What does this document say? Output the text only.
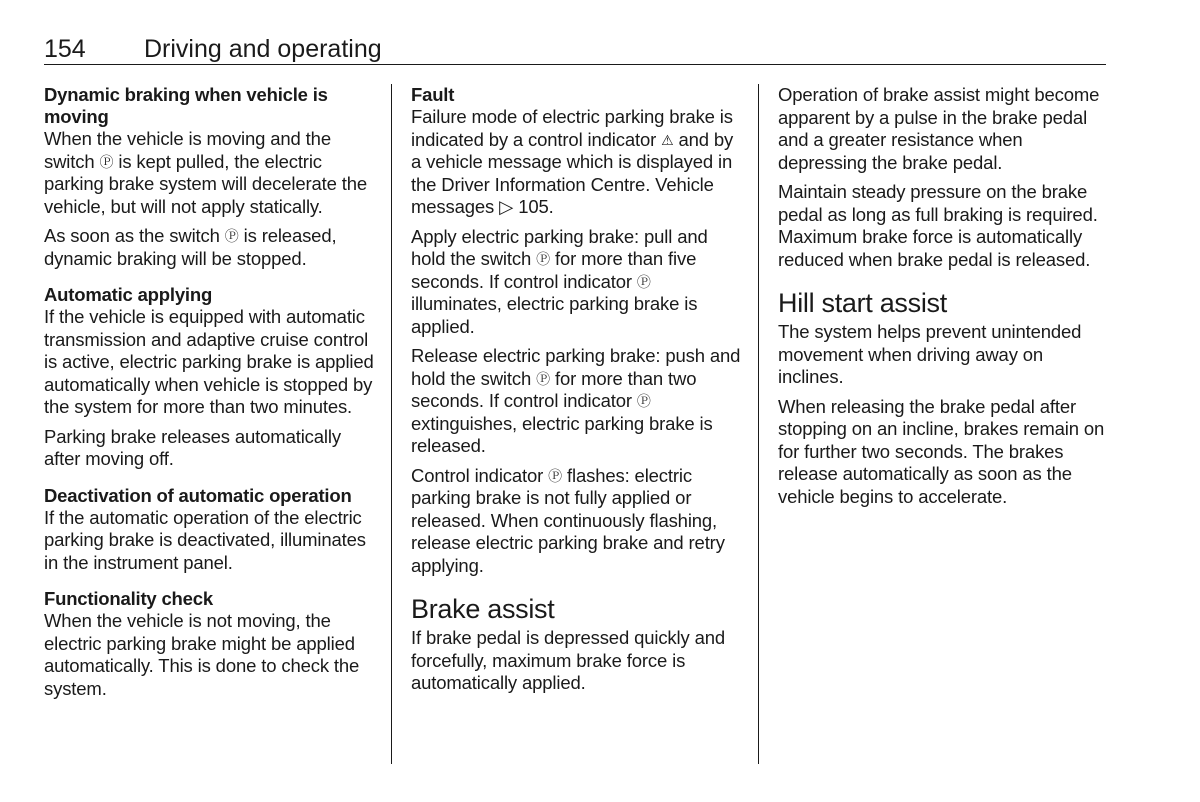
154 Driving and operating
Dynamic braking when vehicle is moving

When the vehicle is moving and the switch Ⓟ is kept pulled, the electric parking brake system will decelerate the vehicle, but will not apply statically.

As soon as the switch Ⓟ is released, dynamic braking will be stopped.

Automatic applying

If the vehicle is equipped with automatic transmission and adaptive cruise control is active, electric parking brake is applied automatically when vehicle is stopped by the system for more than two minutes.

Parking brake releases automatically after moving off.

Deactivation of automatic operation

If the automatic operation of the electric parking brake is deactivated, illuminates in the instrument panel.

Functionality check

When the vehicle is not moving, the electric parking brake might be applied automatically. This is done to check the system.

Fault

Failure mode of electric parking brake is indicated by a control indicator ⚠ and by a vehicle message which is displayed in the Driver Information Centre. Vehicle messages ▷ 105.

Apply electric parking brake: pull and hold the switch Ⓟ for more than five seconds. If control indicator Ⓟ illuminates, electric parking brake is applied.

Release electric parking brake: push and hold the switch Ⓟ for more than two seconds. If control indicator Ⓟ extinguishes, electric parking brake is released.

Control indicator Ⓟ flashes: electric parking brake is not fully applied or released. When continuously flashing, release electric parking brake and retry applying.

Brake assist

If brake pedal is depressed quickly and forcefully, maximum brake force is automatically applied.

Operation of brake assist might become apparent by a pulse in the brake pedal and a greater resistance when depressing the brake pedal.

Maintain steady pressure on the brake pedal as long as full braking is required. Maximum brake force is automatically reduced when brake pedal is released.

Hill start assist

The system helps prevent unintended movement when driving away on inclines.

When releasing the brake pedal after stopping on an incline, brakes remain on for further two seconds. The brakes release automatically as soon as the vehicle begins to accelerate.
